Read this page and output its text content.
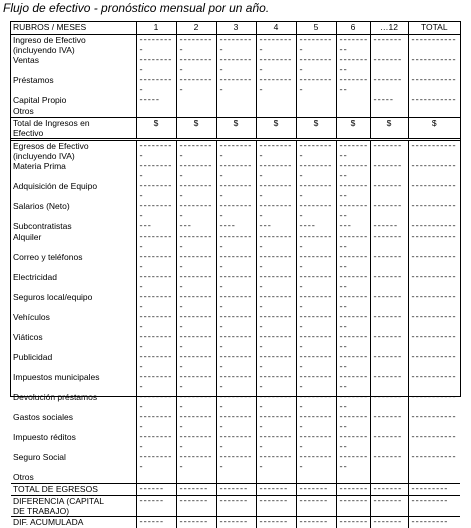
Flujo de efectivo - pronóstico mensual por un año.
RUBROS / MESES	1	2	3	4	5	6	…12	TOTAL
Ingreso de Efectivo
(incluyendo IVA)	---------	---------	---------	---------	---------	---------	-------	-----------
Ventas	---------	---------	---------	---------	---------	---------	-------	-----------
Préstamos	---------	---------	---------	---------	---------	---------	-------	-----------
Capital Propio	-----						-----	-----------
Otros								
Total de Ingresos en
Efectivo	$	$	$	$	$	$	$	$
Egresos de Efectivo
(incluyendo IVA)	---------	---------	---------	---------	---------	---------	-------	-----------
Materia Prima	---------	---------	---------	---------	---------	---------	-------	-----------
Adquisición de Equipo	---------	---------	---------	---------	---------	---------	-------	-----------
Salarios (Neto)	---------	---------	---------	---------	---------	---------	-------	-----------
Subcontratistas	---	---	----	---	----	---	------	-----------
Alquiler	---------	---------	---------	---------	---------	---------	-------	-----------
Correo y teléfonos	---------	---------	---------	---------	---------	---------	-------	-----------
Electricidad	---------	---------	---------	---------	---------	---------	-------	-----------
Seguros local/equipo	---------	---------	---------	---------	---------	---------	-------	-----------
Vehículos	---------	---------	---------	---------	---------	---------	-------	-----------
Viáticos	---------	---------	---------	---------	---------	---------	-------	-----------
Publicidad	---------	---------	---------	---------	---------	---------	-------	-----------
Impuestos municipales	---------	---------	---------	---------	---------	---------	-------	-----------
Devolución préstamos	---------	---------	---------	---------	---------	---------	-------	-----------
Gastos sociales	---------	---------	---------	---------	---------	---------	-------	-----------
Impuesto réditos	---------	---------	---------	---------	---------	---------	-------	-----------
Seguro Social	---------	---------	---------	---------	---------	---------	-------	-----------
Otros								
TOTAL DE EGRESOS	------	-------	-------	-------	-------	-------	-------	---------
DIFERENCIA (CAPITAL
DE TRABAJO)	------	-------	-------	-------	-------	-------	-------	---------
DIF. ACUMULADA	------	-------	-------	-------	-------	-------	-------	---------
